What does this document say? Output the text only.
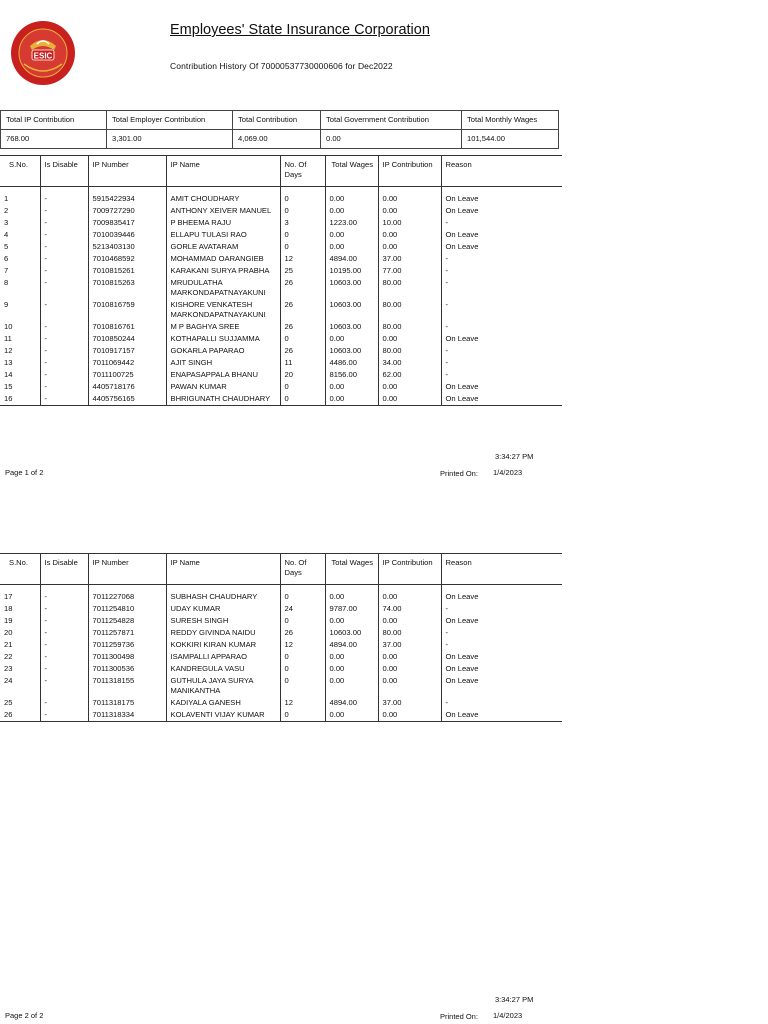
ESIC
Employees' State Insurance Corporation
Contribution History Of 70000537730000606 for Dec2022
Total IP Contribution	Total Employer Contribution	Total Contribution	Total Government Contribution	Total Monthly Wages
768.00	3,301.00	4,069.00	0.00	101,544.00
S.No.	Is Disable	IP Number	IP Name	No. Of Days	Total Wages	IP Contribution	Reason

1	-	5915422934	AMIT CHOUDHARY	0	0.00	0.00	On Leave
2	-	7009727290	ANTHONY XEIVER MANUEL	0	0.00	0.00	On Leave
3	-	7009835417	P BHEEMA RAJU	3	1223.00	10.00	-
4	-	7010039446	ELLAPU TULASI RAO	0	0.00	0.00	On Leave
5	-	5213403130	GORLE AVATARAM	0	0.00	0.00	On Leave
6	-	7010468592	MOHAMMAD OARANGIEB	12	4894.00	37.00	-
7	-	7010815261	KARAKANI SURYA PRABHA	25	10195.00	77.00	-
8	-	7010815263	MRUDULATHA MARKONDAPATNAYAKUNI	26	10603.00	80.00	-
9	-	7010816759	KISHORE VENKATESH MARKONDAPATNAYAKUNI	26	10603.00	80.00	-
10	-	7010816761	M P BAGHYA SREE	26	10603.00	80.00	-
11	-	7010850244	KOTHAPALLI SUJJAMMA	0	0.00	0.00	On Leave
12	-	7010917157	GOKARLA PAPARAO	26	10603.00	80.00	-
13	-	7011069442	AJIT SINGH	11	4486.00	34.00	-
14	-	7011100725	ENAPASAPPALA BHANU	20	8156.00	62.00	-
15	-	4405718176	PAWAN KUMAR	0	0.00	0.00	On Leave
16	-	4405756165	BHRIGUNATH CHAUDHARY	0	0.00	0.00	On Leave
3:34:27 PM
Page 1 of 2	Printed On: 1/4/2023
S.No.	Is Disable	IP Number	IP Name	No. Of Days	Total Wages	IP Contribution	Reason

17	-	7011227068	SUBHASH CHAUDHARY	0	0.00	0.00	On Leave
18	-	7011254810	UDAY KUMAR	24	9787.00	74.00	-
19	-	7011254828	SURESH SINGH	0	0.00	0.00	On Leave
20	-	7011257871	REDDY GIVINDA NAIDU	26	10603.00	80.00	-
21	-	7011259736	KOKKIRI KIRAN KUMAR	12	4894.00	37.00	-
22	-	7011300498	ISAMPALLI APPARAO	0	0.00	0.00	On Leave
23	-	7011300536	KANDREGULA VASU	0	0.00	0.00	On Leave
24	-	7011318155	GUTHULA JAYA SURYA MANIKANTHA	0	0.00	0.00	On Leave
25	-	7011318175	KADIYALA GANESH	12	4894.00	37.00	-
26	-	7011318334	KOLAVENTI VIJAY KUMAR	0	0.00	0.00	On Leave
3:34:27 PM
Page 2 of 2	Printed On: 1/4/2023
